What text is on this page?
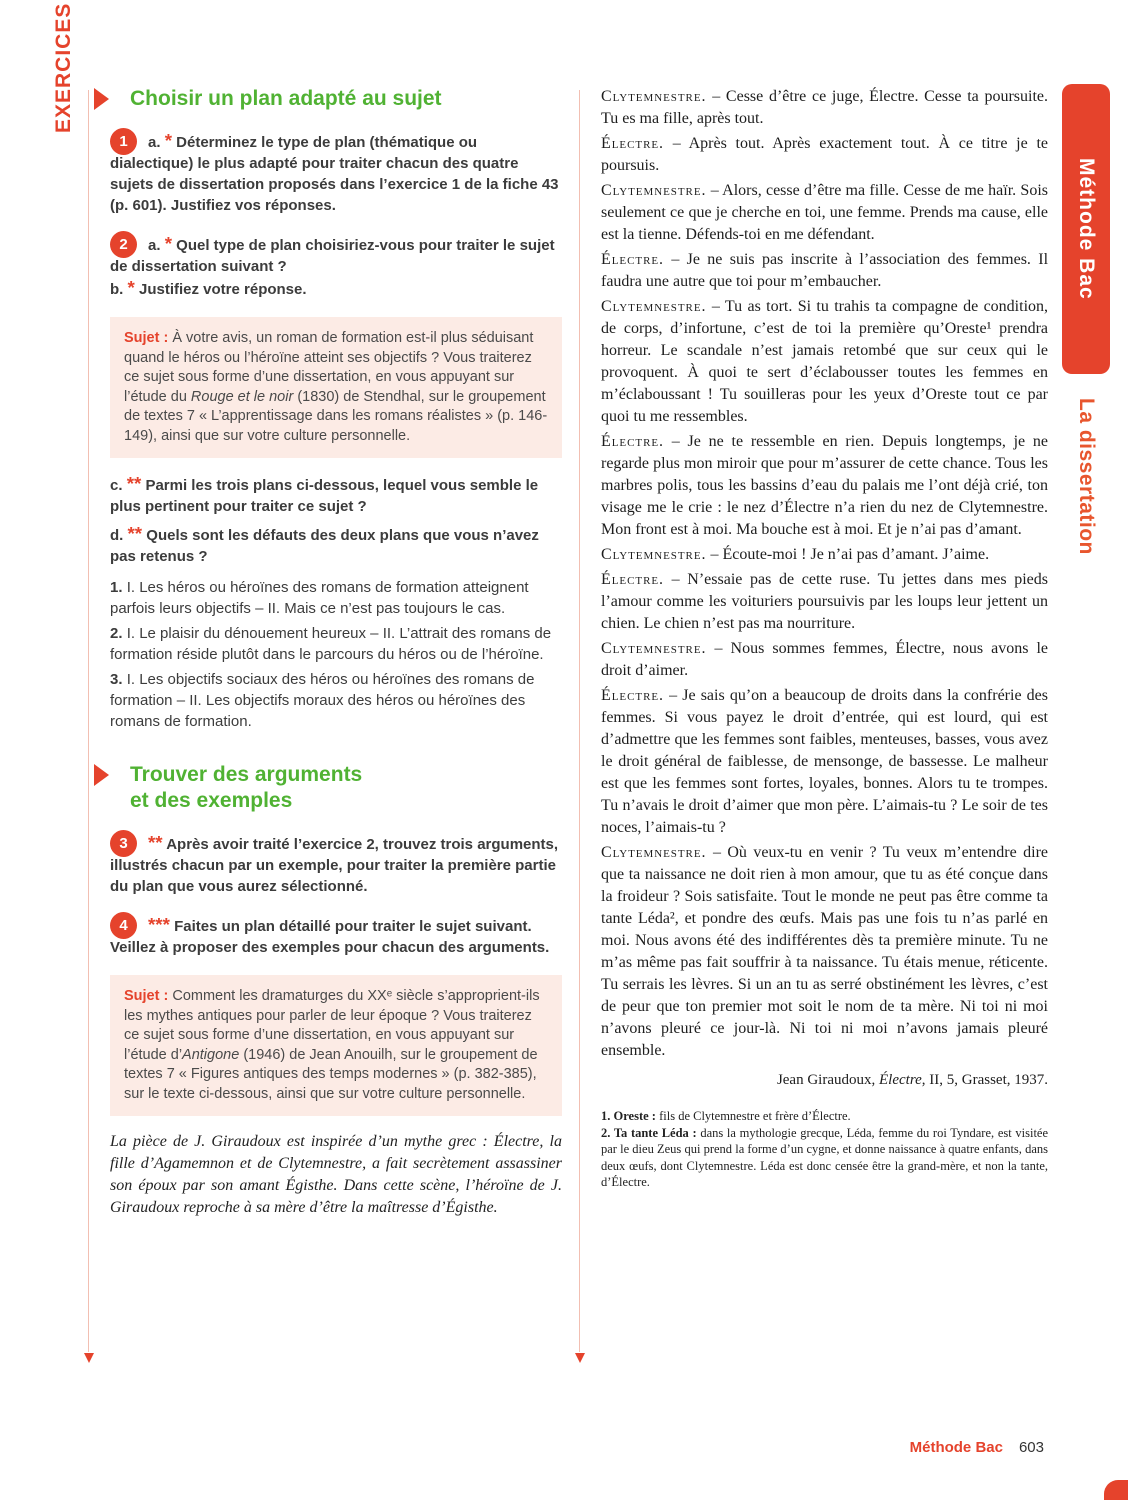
EXERCICES
Méthode Bac
La dissertation
Choisir un plan adapté au sujet
1	a. * Déterminez le type de plan (thématique ou dialectique) le plus adapté pour traiter chacun des quatre sujets de dissertation proposés dans l’exercice 1 de la fiche 43 (p. 601). Justifiez vos réponses.

2	a. * Quel type de plan choisiriez-vous pour traiter le sujet de dissertation suivant ?
b. * Justifiez votre réponse.

Sujet : À votre avis, un roman de formation est-il plus séduisant quand le héros ou l’héroïne atteint ses objectifs ? Vous traiterez ce sujet sous forme d’une dissertation, en vous appuyant sur l’étude du Rouge et le noir (1830) de Stendhal, sur le groupement de textes 7 « L’apprentissage dans les romans réalistes » (p. 146-149), ainsi que sur votre culture personnelle.

c. ** Parmi les trois plans ci-dessous, lequel vous semble le plus pertinent pour traiter ce sujet ?

d. ** Quels sont les défauts des deux plans que vous n’avez pas retenus ?

1. I. Les héros ou héroïnes des romans de formation atteignent parfois leurs objectifs – II. Mais ce n’est pas toujours le cas.

2. I. Le plaisir du dénouement heureux – II. L’attrait des romans de formation réside plutôt dans le parcours du héros ou de l’héroïne.

3. I. Les objectifs sociaux des héros ou héroïnes des romans de formation – II. Les objectifs moraux des héros ou héroïnes des romans de formation.

Trouver des arguments
et des exemples
3	** Après avoir traité l’exercice 2, trouvez trois arguments, illustrés chacun par un exemple, pour traiter la première partie du plan que vous aurez sélectionné.

4	*** Faites un plan détaillé pour traiter le sujet suivant. Veillez à proposer des exemples pour chacun des arguments.

Sujet : Comment les dramaturges du XXᵉ siècle s’approprient-ils les mythes antiques pour parler de leur époque ? Vous traiterez ce sujet sous forme d’une dissertation, en vous appuyant sur l’étude d’Antigone (1946) de Jean Anouilh, sur le groupement de textes 7 « Figures antiques des temps modernes » (p. 382-385), sur le texte ci-dessous, ainsi que sur votre culture personnelle.

La pièce de J. Giraudoux est inspirée d’un mythe grec : Électre, la fille d’Agamemnon et de Clytemnestre, a fait secrètement assassiner son époux par son amant Égisthe. Dans cette scène, l’héroïne de J. Giraudoux reproche à sa mère d’être la maîtresse d’Égisthe.

Clytemnestre. – Cesse d’être ce juge, Électre. Cesse ta poursuite. Tu es ma fille, après tout.

Électre. – Après tout. Après exactement tout. À ce titre je te poursuis.

Clytemnestre. – Alors, cesse d’être ma fille. Cesse de me haïr. Sois seulement ce que je cherche en toi, une femme. Prends ma cause, elle est la tienne. Défends-toi en me défendant.

Électre. – Je ne suis pas inscrite à l’association des femmes. Il faudra une autre que toi pour m’embaucher.

Clytemnestre. – Tu as tort. Si tu trahis ta compagne de condition, de corps, d’infortune, c’est de toi la première qu’Oreste¹ prendra horreur. Le scandale n’est jamais retombé que sur ceux qui le provoquent. À quoi te sert d’éclabousser toutes les femmes en m’éclaboussant ! Tu souilleras pour les yeux d’Oreste tout ce par quoi tu me ressembles.

Électre. – Je ne te ressemble en rien. Depuis longtemps, je ne regarde plus mon miroir que pour m’assurer de cette chance. Tous les marbres polis, tous les bassins d’eau du palais me l’ont déjà crié, ton visage me le crie : le nez d’Électre n’a rien du nez de Clytemnestre. Mon front est à moi. Ma bouche est à moi. Et je n’ai pas d’amant.

Clytemnestre. – Écoute-moi ! Je n’ai pas d’amant. J’aime.

Électre. – N’essaie pas de cette ruse. Tu jettes dans mes pieds l’amour comme les voituriers poursuivis par les loups leur jettent un chien. Le chien n’est pas ma nourriture.

Clytemnestre. – Nous sommes femmes, Électre, nous avons le droit d’aimer.

Électre. – Je sais qu’on a beaucoup de droits dans la confrérie des femmes. Si vous payez le droit d’entrée, qui est lourd, qui est d’admettre que les femmes sont faibles, menteuses, basses, vous avez le droit général de faiblesse, de mensonge, de bassesse. Le malheur est que les femmes sont fortes, loyales, bonnes. Alors tu te trompes. Tu n’avais le droit d’aimer que mon père. L’aimais-tu ? Le soir de tes noces, l’aimais-tu ?

Clytemnestre. – Où veux-tu en venir ? Tu veux m’entendre dire que ta naissance ne doit rien à mon amour, que tu as été conçue dans la froideur ? Sois satisfaite. Tout le monde ne peut pas être comme ta tante Léda², et pondre des œufs. Mais pas une fois tu n’as parlé en moi. Nous avons été des indifférentes dès ta première minute. Tu ne m’as même pas fait souffrir à ta naissance. Tu étais menue, réticente. Tu serrais les lèvres. Si un an tu as serré obstinément les lèvres, c’est de peur que ton premier mot soit le nom de ta mère. Ni toi ni moi n’avons pleuré ce jour-là. Ni toi ni moi n’avons jamais pleuré ensemble.

Jean Giraudoux, Électre, II, 5, Grasset, 1937.

1. Oreste : fils de Clytemnestre et frère d’Électre.

2. Ta tante Léda : dans la mythologie grecque, Léda, femme du roi Tyndare, est visitée par le dieu Zeus qui prend la forme d’un cygne, et donne naissance à quatre enfants, dans deux œufs, dont Clytemnestre. Léda est donc censée être la grand-mère, et non la tante, d’Électre.

Méthode Bac 603
